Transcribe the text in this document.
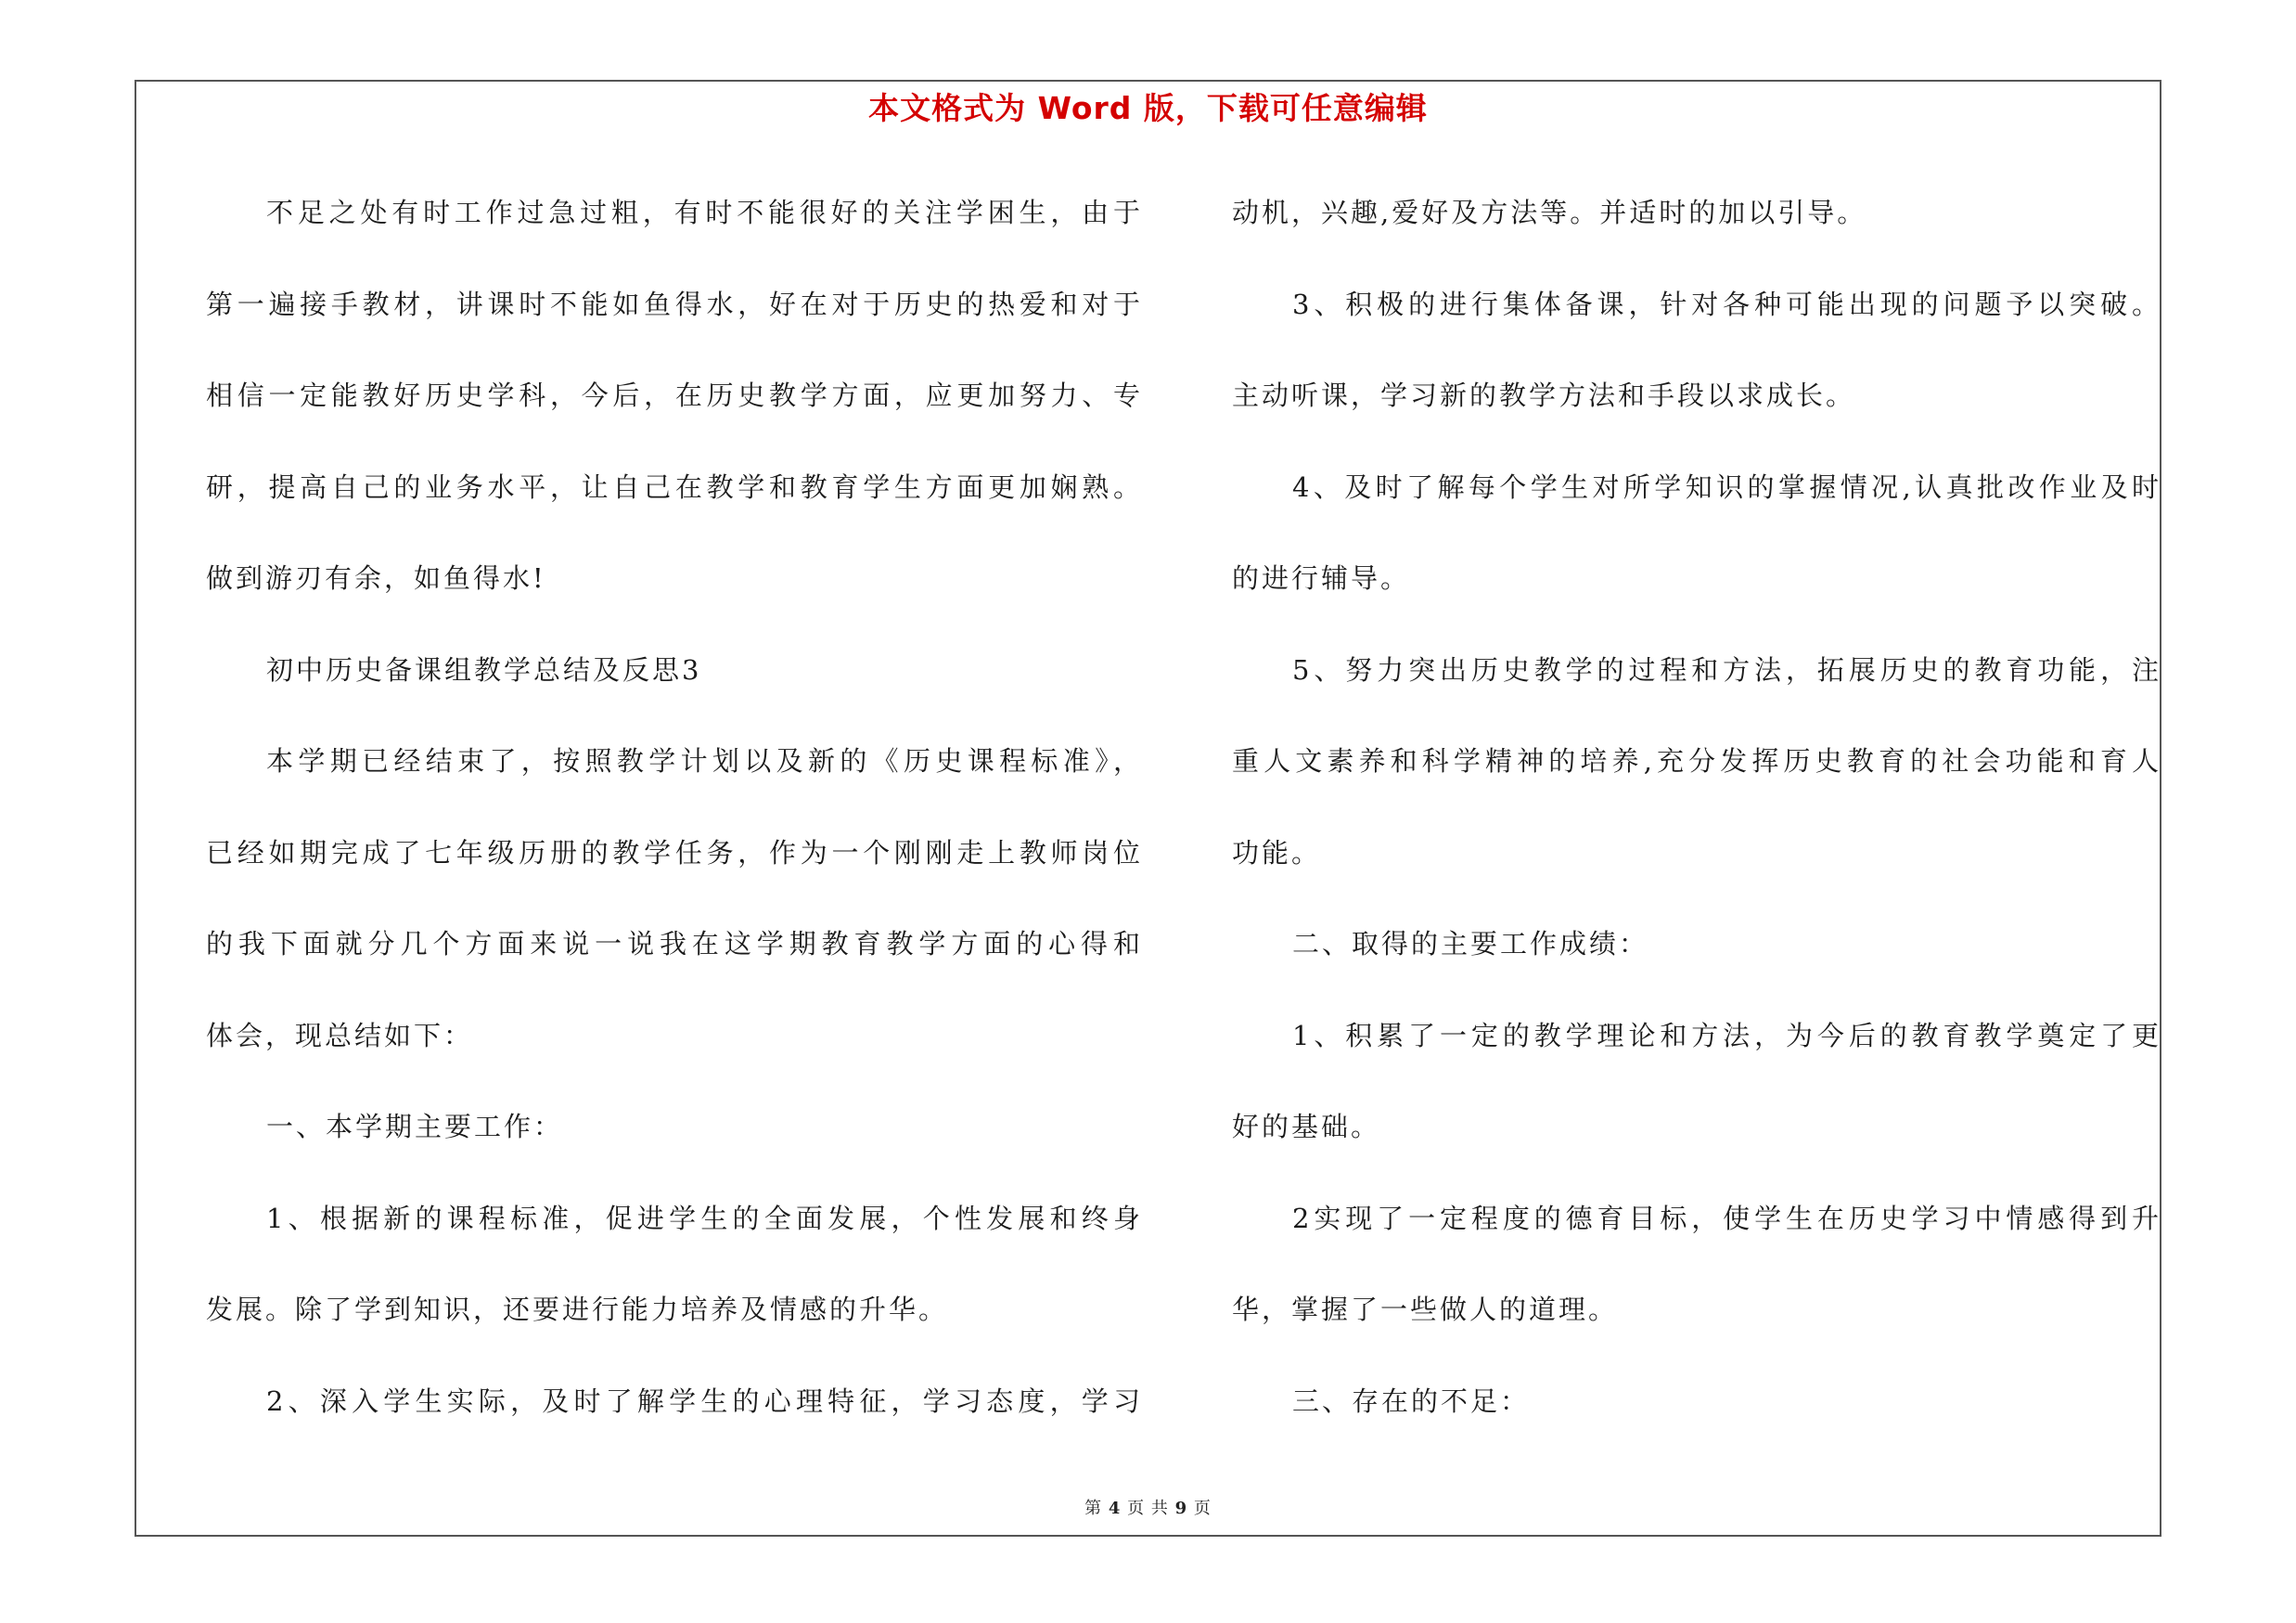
本文格式为 Word 版，下载可任意编辑
不足之处有时工作过急过粗，有时不能很好的关注学困生，由于
第一遍接手教材，讲课时不能如鱼得水，好在对于历史的热爱和对于
相信一定能教好历史学科，今后，在历史教学方面，应更加努力、专
研，提高自己的业务水平，让自己在教学和教育学生方面更加娴熟。
做到游刃有余，如鱼得水!
初中历史备课组教学总结及反思3
本学期已经结束了，按照教学计划以及新的《历史课程标准》，
已经如期完成了七年级历册的教学任务，作为一个刚刚走上教师岗位
的我下面就分几个方面来说一说我在这学期教育教学方面的心得和
体会，现总结如下：
一、本学期主要工作：
1、根据新的课程标准，促进学生的全面发展，个性发展和终身
发展。除了学到知识，还要进行能力培养及情感的升华。
2、深入学生实际，及时了解学生的心理特征，学习态度，学习
动机，兴趣,爱好及方法等。并适时的加以引导。
3、积极的进行集体备课，针对各种可能出现的问题予以突破。
主动听课，学习新的教学方法和手段以求成长。
4、及时了解每个学生对所学知识的掌握情况,认真批改作业及时
的进行辅导。
5、努力突出历史教学的过程和方法，拓展历史的教育功能，注
重人文素养和科学精神的培养,充分发挥历史教育的社会功能和育人
功能。
二、取得的主要工作成绩：
1、积累了一定的教学理论和方法，为今后的教育教学奠定了更
好的基础。
2实现了一定程度的德育目标，使学生在历史学习中情感得到升
华，掌握了一些做人的道理。
三、存在的不足：
第 4 页 共 9 页
